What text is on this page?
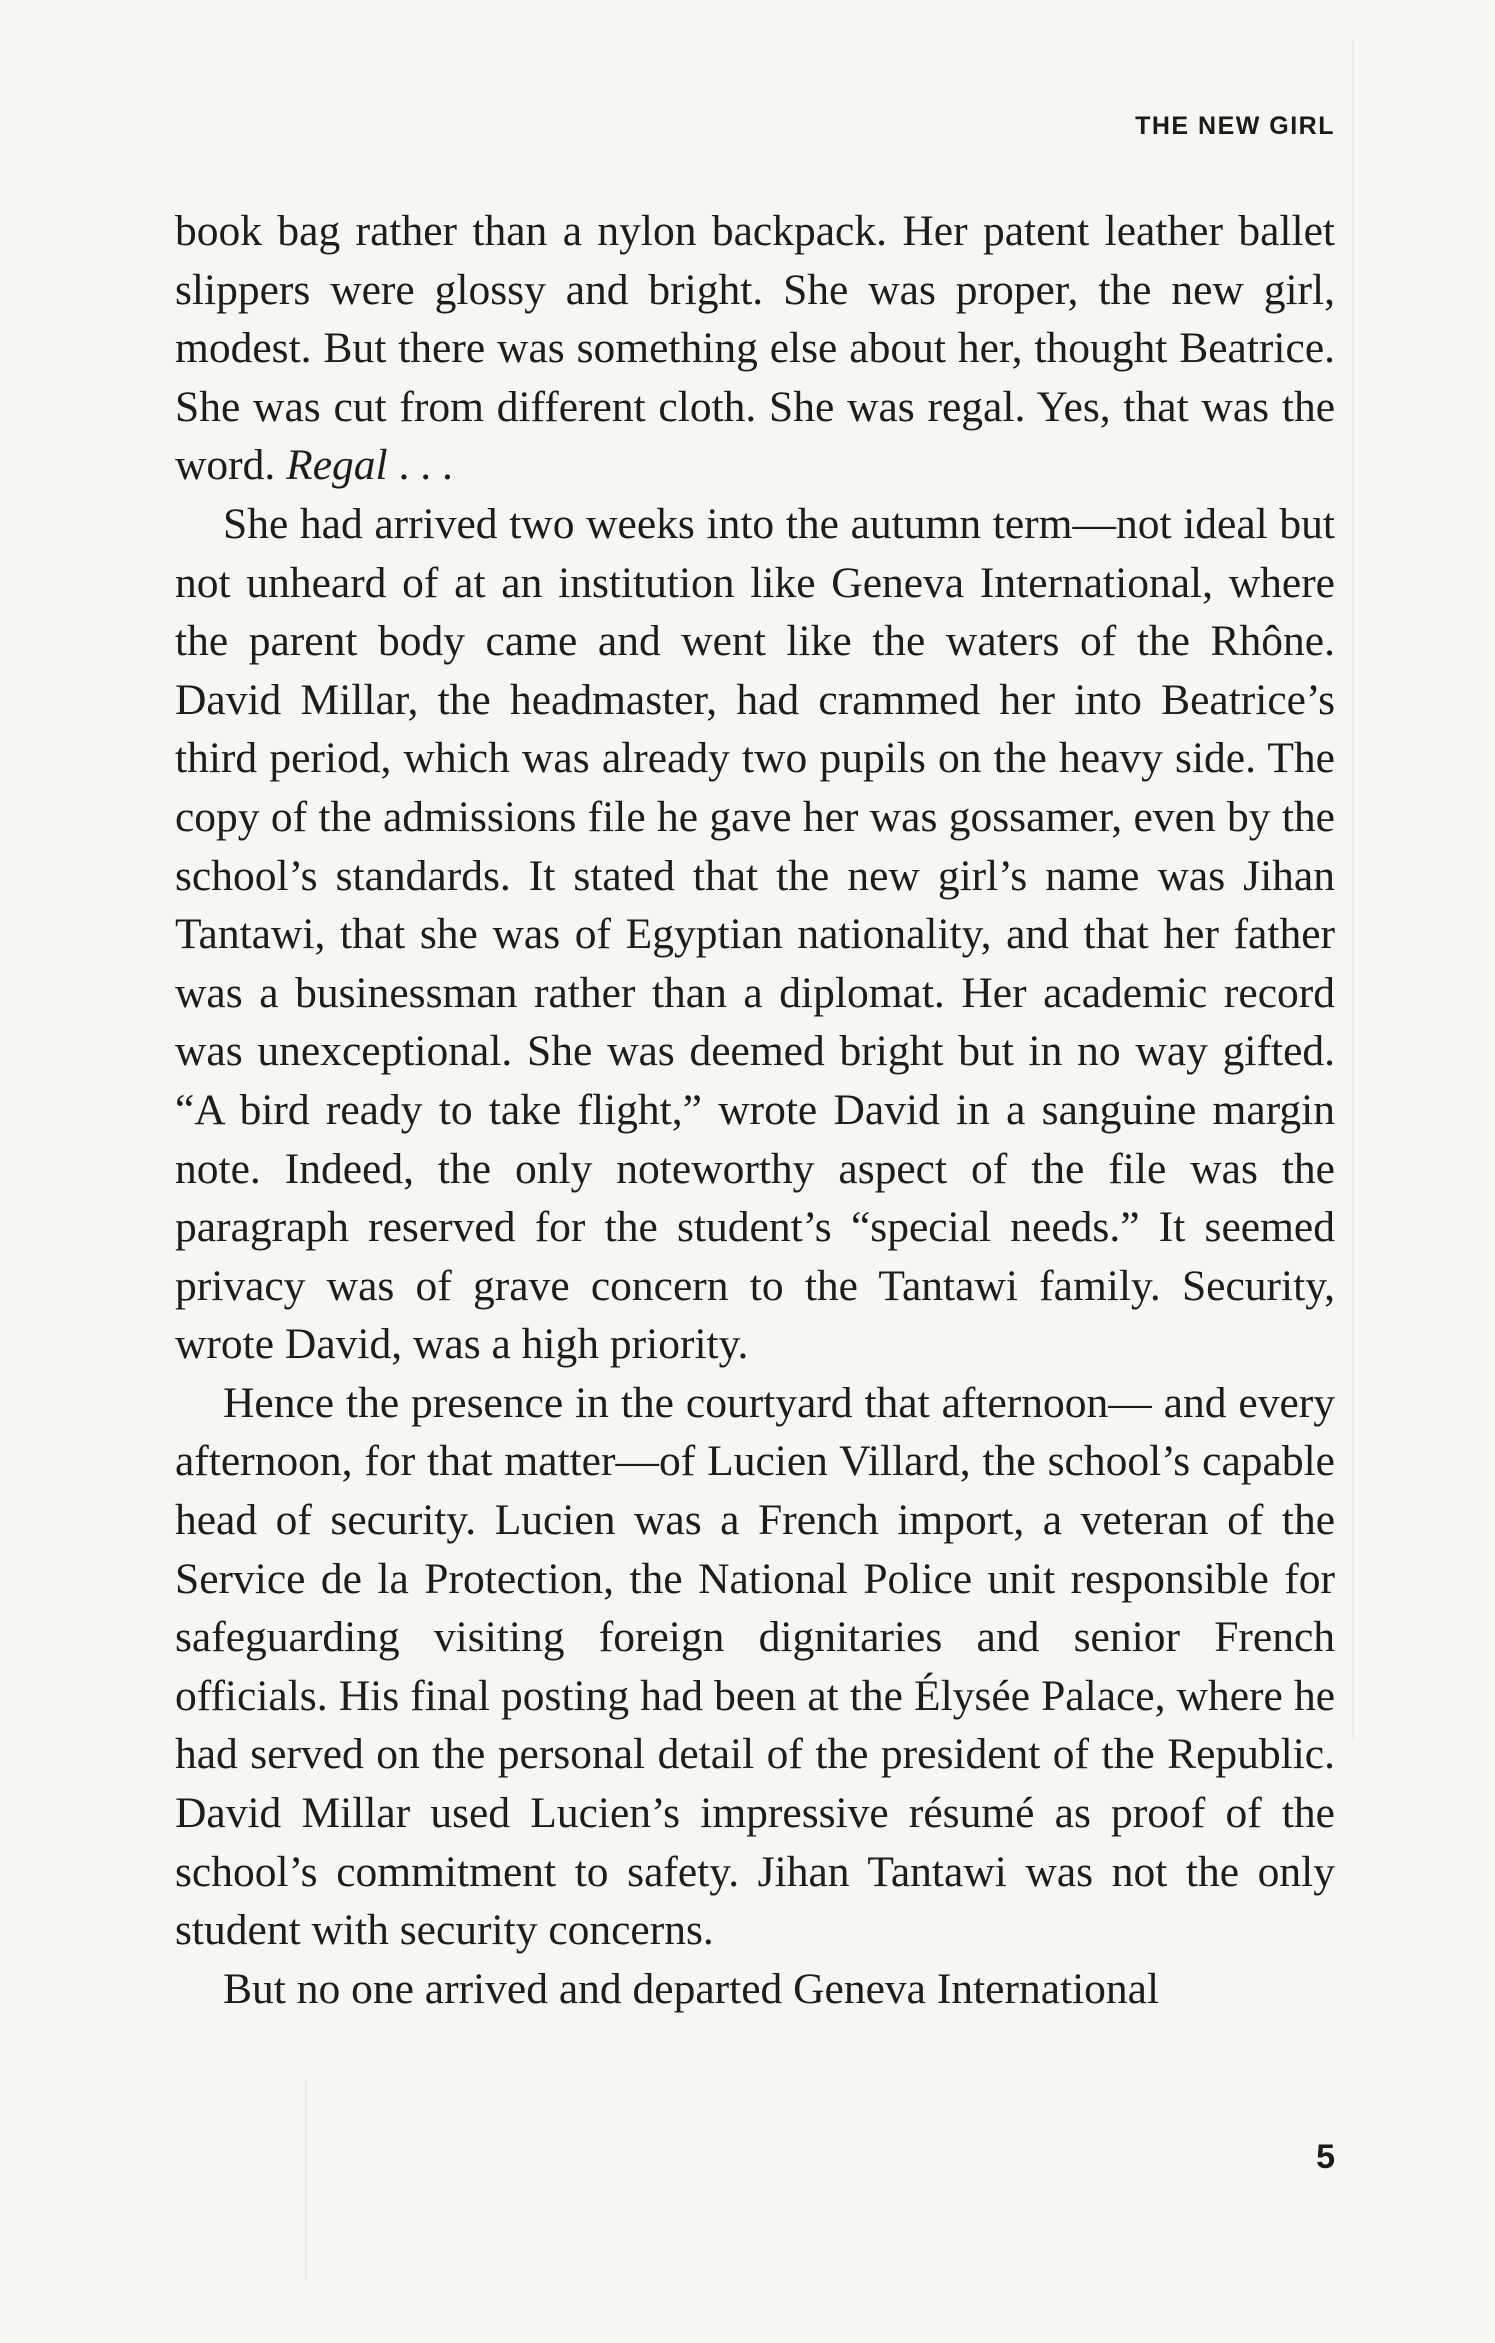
THE NEW GIRL

book bag rather than a nylon backpack. Her patent leather ballet slippers were glossy and bright. She was proper, the new girl, modest. But there was something else about her, thought Beatrice. She was cut from different cloth. She was regal. Yes, that was the word. Regal . . .

She had arrived two weeks into the autumn term—not ideal but not unheard of at an institution like Geneva International, where the parent body came and went like the waters of the Rhône. David Millar, the headmaster, had crammed her into Beatrice’s third period, which was already two pupils on the heavy side. The copy of the admissions file he gave her was gossamer, even by the school’s standards. It stated that the new girl’s name was Jihan Tantawi, that she was of Egyptian nationality, and that her father was a businessman rather than a diplomat. Her academic record was unexceptional. She was deemed bright but in no way gifted. “A bird ready to take flight,” wrote David in a sanguine margin note. Indeed, the only noteworthy aspect of the file was the paragraph reserved for the student’s “special needs.” It seemed privacy was of grave concern to the Tantawi family. Security, wrote David, was a high priority.

Hence the presence in the courtyard that afternoon— and every afternoon, for that matter—of Lucien Villard, the school’s capable head of security. Lucien was a French import, a veteran of the Service de la Protection, the National Police unit responsible for safeguarding visiting foreign dignitaries and senior French officials. His final posting had been at the Élysée Palace, where he had served on the personal detail of the president of the Republic. David Millar used Lucien’s impressive résumé as proof of the school’s commitment to safety. Jihan Tantawi was not the only student with security concerns.

But no one arrived and departed Geneva International

5
